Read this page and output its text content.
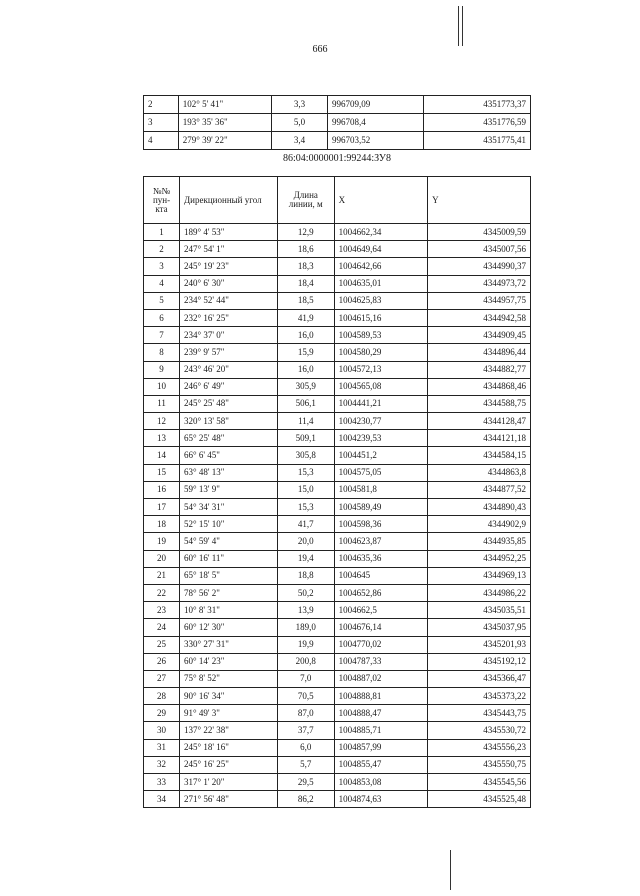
666
2	102° 5' 41"	3,3	996709,09	4351773,37
3	193° 35' 36"	5,0	996708,4	4351776,59
4	279° 39' 22"	3,4	996703,52	4351775,41
86:04:0000001:99244:ЗУ8
№№ пун-кта	Дирекционный угол	Длина линии, м	X	Y
1	189° 4' 53"	12,9	1004662,34	4345009,59
2	247° 54' 1"	18,6	1004649,64	4345007,56
3	245° 19' 23"	18,3	1004642,66	4344990,37
4	240° 6' 30"	18,4	1004635,01	4344973,72
5	234° 52' 44"	18,5	1004625,83	4344957,75
6	232° 16' 25"	41,9	1004615,16	4344942,58
7	234° 37' 0"	16,0	1004589,53	4344909,45
8	239° 9' 57"	15,9	1004580,29	4344896,44
9	243° 46' 20"	16,0	1004572,13	4344882,77
10	246° 6' 49"	305,9	1004565,08	4344868,46
11	245° 25' 48"	506,1	1004441,21	4344588,75
12	320° 13' 58"	11,4	1004230,77	4344128,47
13	65° 25' 48"	509,1	1004239,53	4344121,18
14	66° 6' 45"	305,8	1004451,2	4344584,15
15	63° 48' 13"	15,3	1004575,05	4344863,8
16	59° 13' 9"	15,0	1004581,8	4344877,52
17	54° 34' 31"	15,3	1004589,49	4344890,43
18	52° 15' 10"	41,7	1004598,36	4344902,9
19	54° 59' 4"	20,0	1004623,87	4344935,85
20	60° 16' 11"	19,4	1004635,36	4344952,25
21	65° 18' 5"	18,8	1004645	4344969,13
22	78° 56' 2"	50,2	1004652,86	4344986,22
23	10° 8' 31"	13,9	1004662,5	4345035,51
24	60° 12' 30"	189,0	1004676,14	4345037,95
25	330° 27' 31"	19,9	1004770,02	4345201,93
26	60° 14' 23"	200,8	1004787,33	4345192,12
27	75° 8' 52"	7,0	1004887,02	4345366,47
28	90° 16' 34"	70,5	1004888,81	4345373,22
29	91° 49' 3"	87,0	1004888,47	4345443,75
30	137° 22' 38"	37,7	1004885,71	4345530,72
31	245° 18' 16"	6,0	1004857,99	4345556,23
32	245° 16' 25"	5,7	1004855,47	4345550,75
33	317° 1' 20"	29,5	1004853,08	4345545,56
34	271° 56' 48"	86,2	1004874,63	4345525,48
